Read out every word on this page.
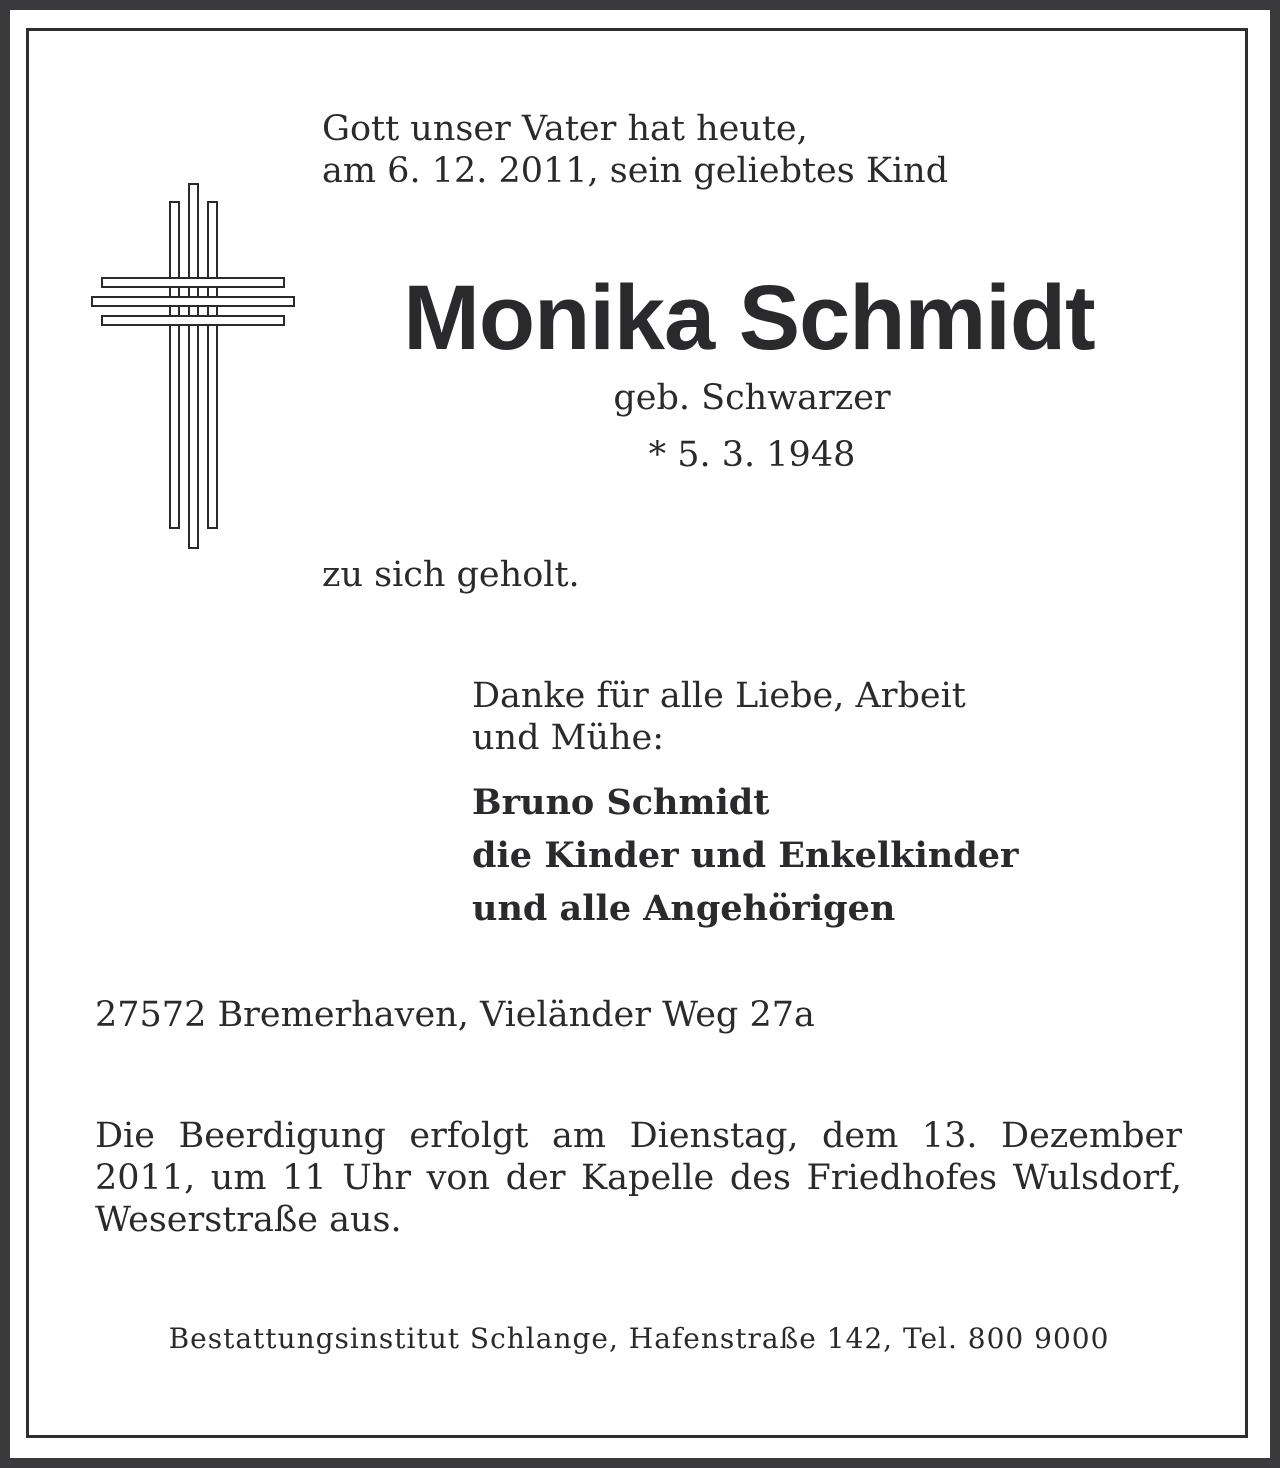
Gott unser Vater hat heute,
am 6. 12. 2011, sein geliebtes Kind
Monika Schmidt
geb. Schwarzer
* 5. 3. 1948
zu sich geholt.
Danke für alle Liebe, Arbeit
und Mühe:
Bruno Schmidt
die Kinder und Enkelkinder
und alle Angehörigen
27572 Bremerhaven, Vieländer Weg 27a

Die Beerdigung erfolgt am Dienstag, dem 13. Dezember 2011, um 11 Uhr von der Kapelle des Friedhofes Wulsdorf, Weserstraße aus.

Bestattungsinstitut Schlange, Hafenstraße 142, Tel. 800 9000
